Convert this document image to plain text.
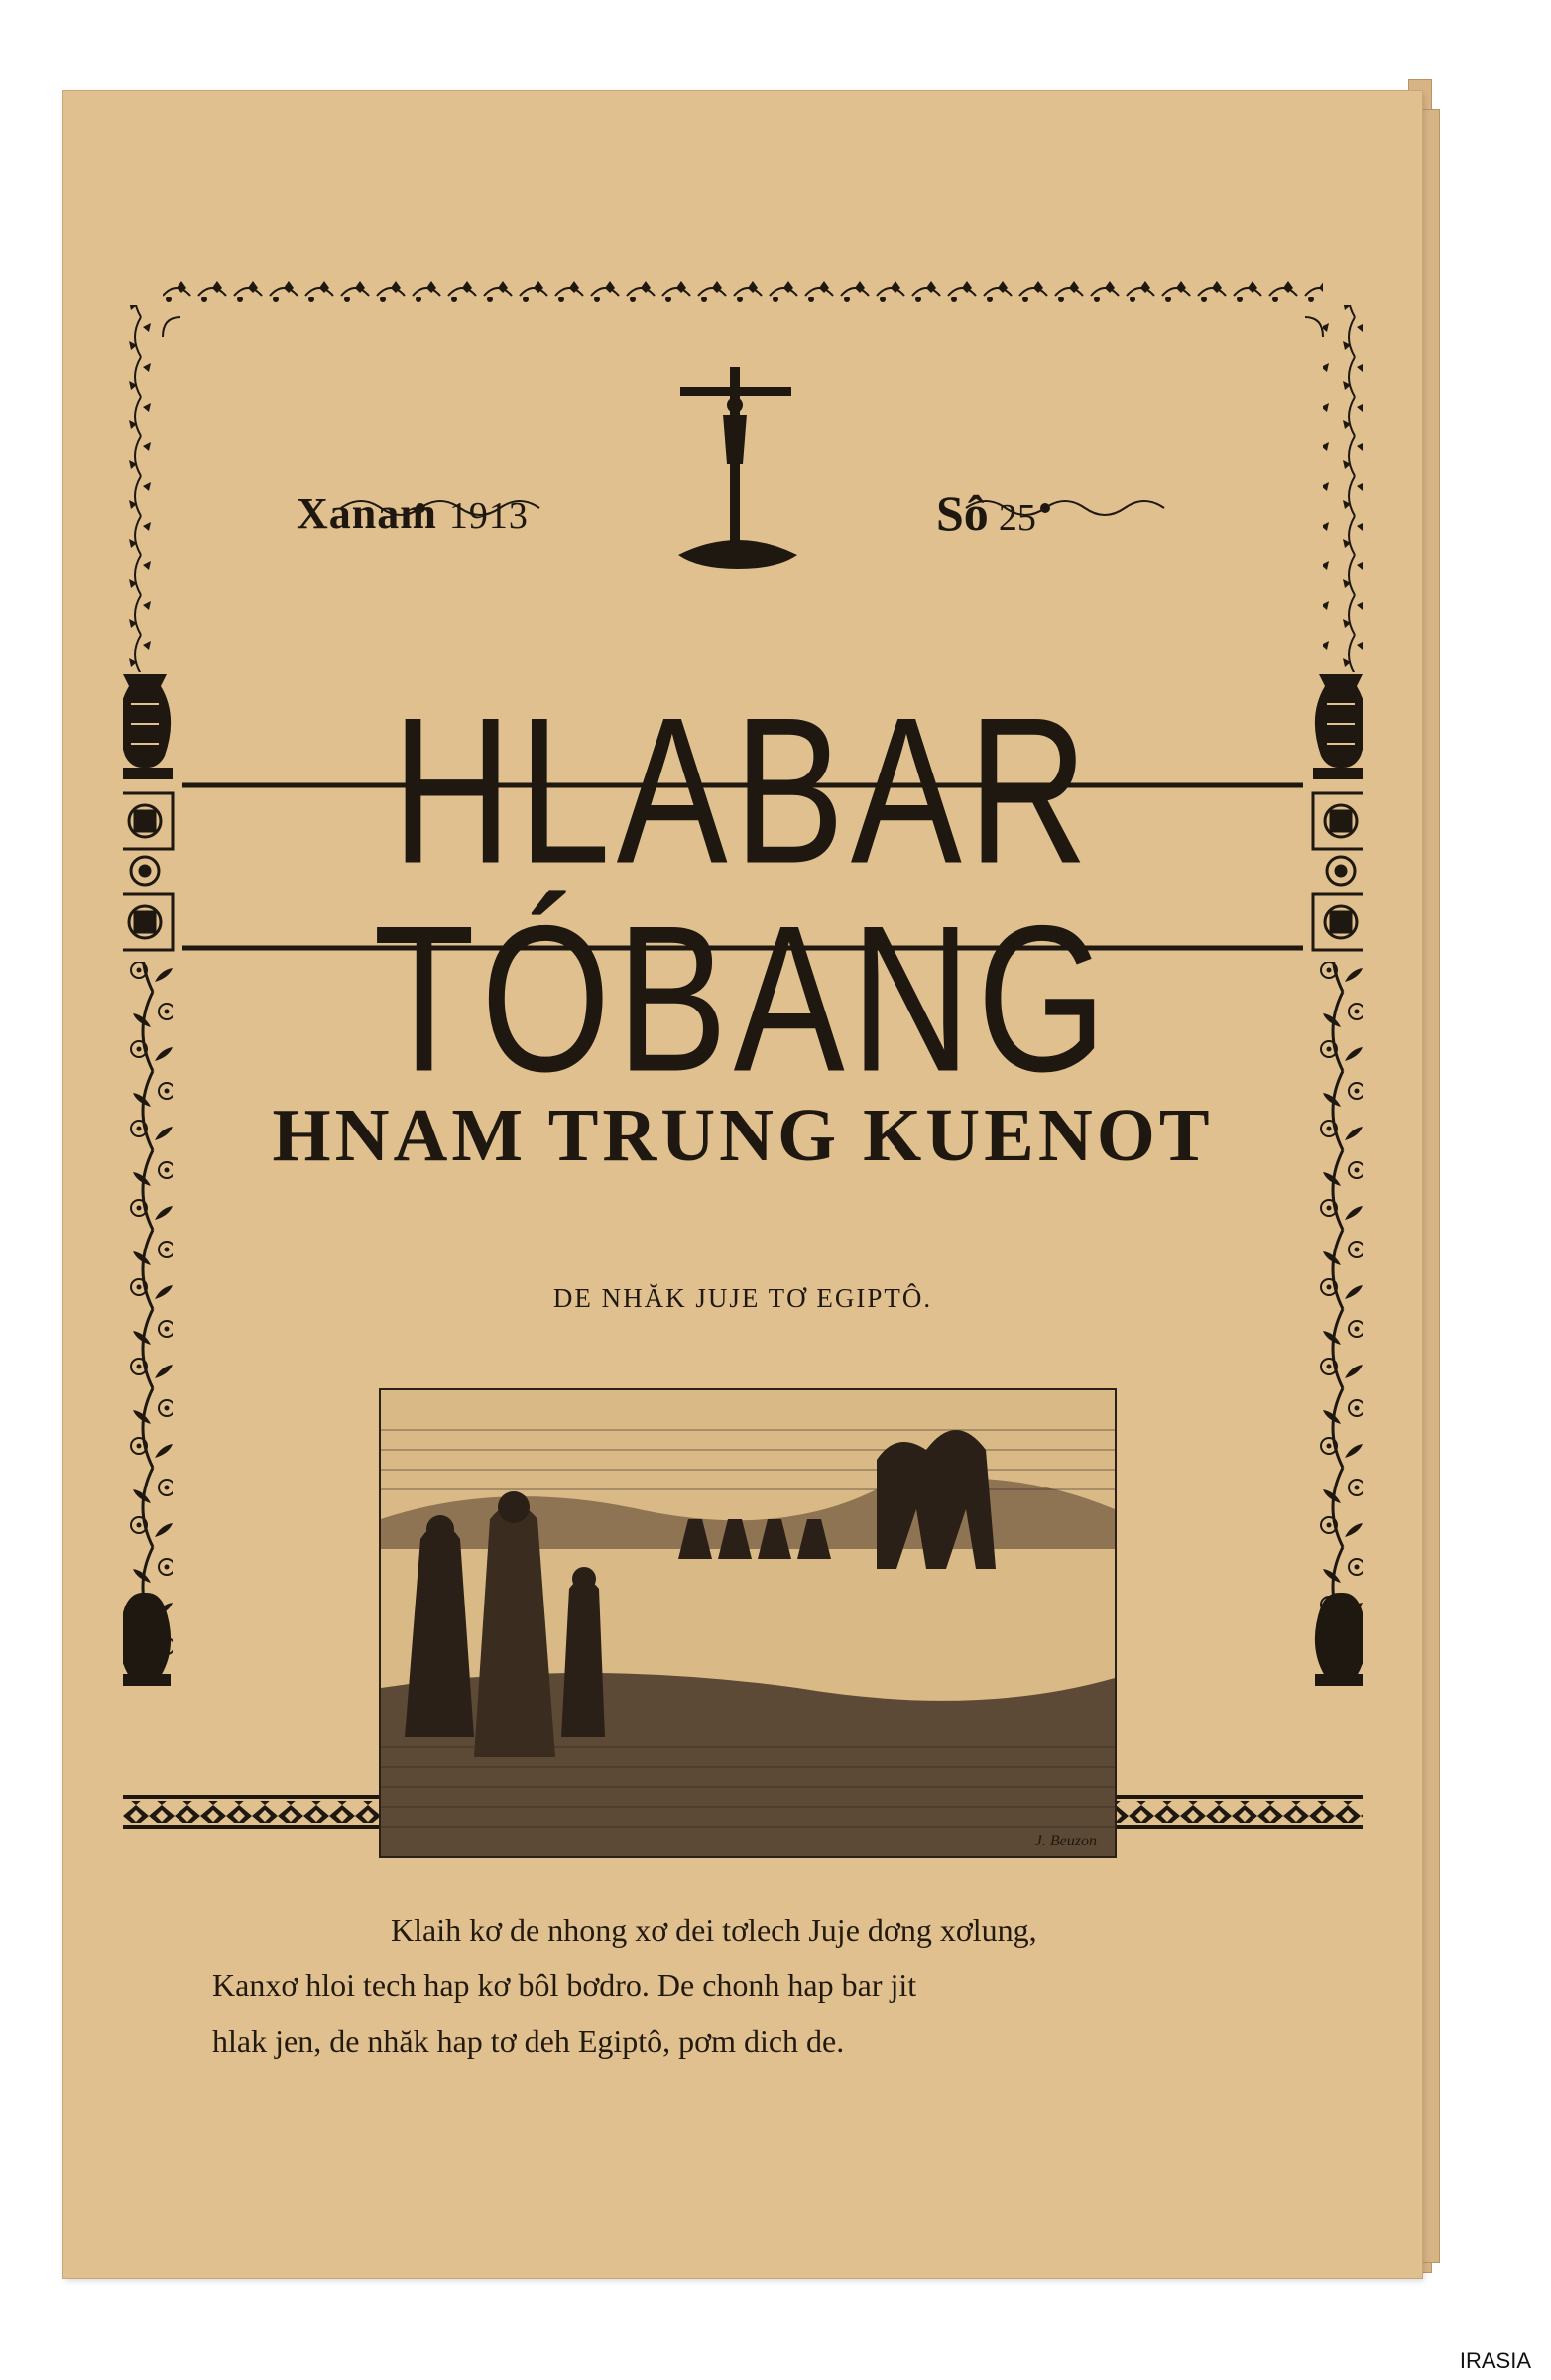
Xanam 1913	Sô 25

HLABAR TÓBANG
HNAM TRUNG KUENOT

DE NHĂK JUJE TƠ EGIPTÔ.

J. Beuzon

Klaih kơ de nhong xơ dei tơlech Juje dơng xơlung,
Kanxơ hloi tech hap kơ bôl bơdro. De chonh hap bar jit
hlak jen, de nhăk hap tơ deh Egiptô, pơm dich de.

IRASIA
